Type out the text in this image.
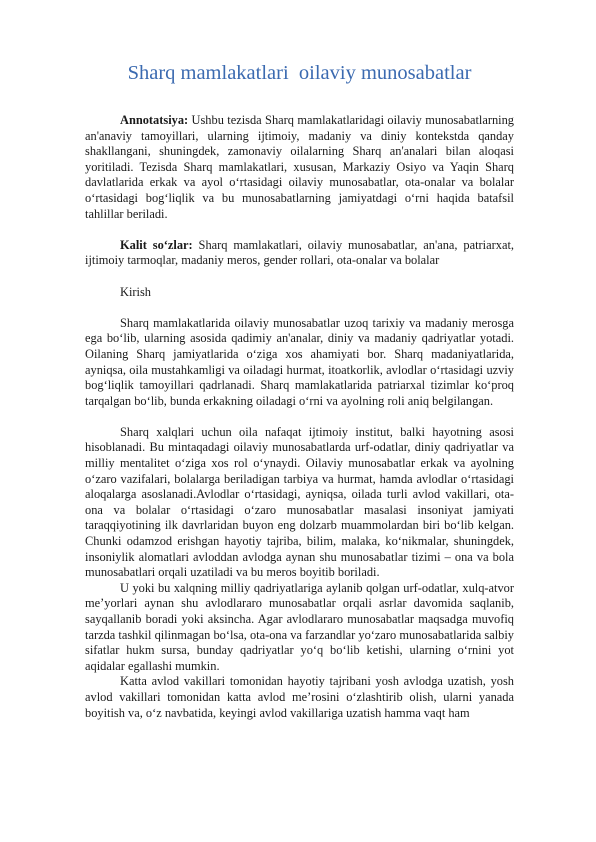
Sharq mamlakatlari  oilaviy munosabatlar

Annotatsiya: Ushbu tezisda Sharq mamlakatlaridagi oilaviy munosabatlarning an'anaviy tamoyillari, ularning ijtimoiy, madaniy va diniy kontekstda qanday shakllangani, shuningdek, zamonaviy oilalarning Sharq an'analari bilan aloqasi yoritiladi. Tezisda Sharq mamlakatlari, xususan, Markaziy Osiyo va Yaqin Sharq davlatlarida erkak va ayol oʻrtasidagi oilaviy munosabatlar, ota-onalar va bolalar oʻrtasidagi bogʻliqlik va bu munosabatlarning jamiyatdagi oʻrni haqida batafsil tahlillar beriladi.

Kalit soʻzlar: Sharq mamlakatlari, oilaviy munosabatlar, an'ana, patriarxat, ijtimoiy tarmoqlar, madaniy meros, gender rollari, ota-onalar va bolalar

Kirish

Sharq mamlakatlarida oilaviy munosabatlar uzoq tarixiy va madaniy merosga ega boʻlib, ularning asosida qadimiy an'analar, diniy va madaniy qadriyatlar yotadi. Oilaning Sharq jamiyatlarida oʻziga xos ahamiyati bor. Sharq madaniyatlarida, ayniqsa, oila mustahkamligi va oiladagi hurmat, itoatkorlik, avlodlar oʻrtasidagi uzviy bogʻliqlik tamoyillari qadrlanadi. Sharq mamlakatlarida patriarxal tizimlar koʻproq tarqalgan boʻlib, bunda erkakning oiladagi oʻrni va ayolning roli aniq belgilangan.

Sharq xalqlari uchun oila nafaqat ijtimoiy institut, balki hayotning asosi hisoblanadi. Bu mintaqadagi oilaviy munosabatlarda urf-odatlar, diniy qadriyatlar va milliy mentalitet oʻziga xos rol oʻynaydi. Oilaviy munosabatlar erkak va ayolning oʻzaro vazifalari, bolalarga beriladigan tarbiya va hurmat, hamda avlodlar oʻrtasidagi aloqalarga asoslanadi.Avlodlar oʻrtasidagi, ayniqsa, oilada turli avlod vakillari, ota-ona va bolalar oʻrtasidagi oʻzaro munosabatlar masalasi insoniyat jamiyati taraqqiyotining ilk davrlaridan buyon eng dolzarb muammolardan biri boʻlib kelgan. Chunki odamzod erishgan hayotiy tajriba, bilim, malaka, koʻnikmalar, shuningdek, insoniylik alomatlari avloddan avlodga aynan shu munosabatlar tizimi – ona va bola munosabatlari orqali uzatiladi va bu meros boyitib boriladi.

U yoki bu xalqning milliy qadriyatlariga aylanib qolgan urf-odatlar, xulq-atvor me’yorlari aynan shu avlodlararo munosabatlar orqali asrlar davomida saqlanib, sayqallanib boradi yoki aksincha. Agar avlodlararo munosabatlar maqsadga muvofiq tarzda tashkil qilinmagan boʻlsa, ota-ona va farzandlar yoʻzaro munosabatlarida salbiy sifatlar hukm sursa, bunday qadriyatlar yoʻq boʻlib ketishi, ularning oʻrnini yot aqidalar egallashi mumkin.

Katta avlod vakillari tomonidan hayotiy tajribani yosh avlodga uzatish, yosh avlod vakillari tomonidan katta avlod me’rosini oʻzlashtirib olish, ularni yanada boyitish va, oʻz navbatida, keyingi avlod vakillariga uzatish hamma vaqt ham
